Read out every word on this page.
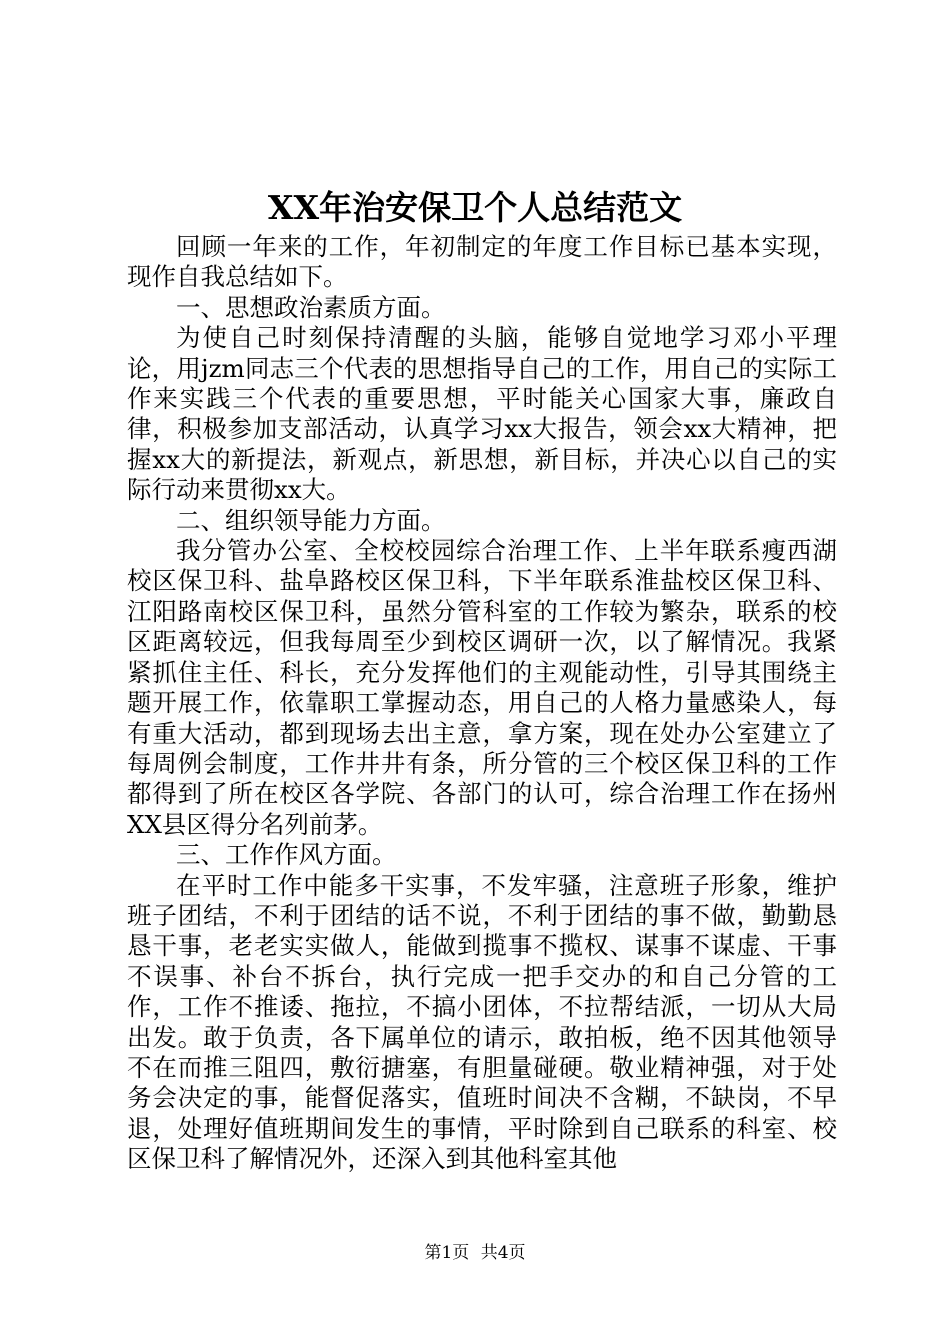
XX年治安保卫个人总结范文

回顾一年来的工作，年初制定的年度工作目标已基本实现，现作自我总结如下。

一、思想政治素质方面。

为使自己时刻保持清醒的头脑，能够自觉地学习邓小平理论，用jzm同志三个代表的思想指导自己的工作，用自己的实际工作来实践三个代表的重要思想，平时能关心国家大事，廉政自律，积极参加支部活动，认真学习xx大报告，领会xx大精神，把握xx大的新提法，新观点，新思想，新目标，并决心以自己的实际行动来贯彻xx大。

二、组织领导能力方面。

我分管办公室、全校校园综合治理工作、上半年联系瘦西湖校区保卫科、盐阜路校区保卫科，下半年联系淮盐校区保卫科、江阳路南校区保卫科，虽然分管科室的工作较为繁杂，联系的校区距离较远，但我每周至少到校区调研一次，以了解情况。我紧紧抓住主任、科长，充分发挥他们的主观能动性，引导其围绕主题开展工作，依靠职工掌握动态，用自己的人格力量感染人，每有重大活动，都到现场去出主意，拿方案，现在处办公室建立了每周例会制度，工作井井有条，所分管的三个校区保卫科的工作都得到了所在校区各学院、各部门的认可，综合治理工作在扬州XX县区得分名列前茅。

三、工作作风方面。

在平时工作中能多干实事，不发牢骚，注意班子形象，维护班子团结，不利于团结的话不说，不利于团结的事不做，勤勤恳恳干事，老老实实做人，能做到揽事不揽权、谋事不谋虚、干事不误事、补台不拆台，执行完成一把手交办的和自己分管的工作，工作不推诿、拖拉，不搞小团体，不拉帮结派，一切从大局出发。敢于负责，各下属单位的请示，敢拍板，绝不因其他领导不在而推三阻四，敷衍搪塞，有胆量碰硬。敬业精神强，对于处务会决定的事，能督促落实，值班时间决不含糊，不缺岗，不早退，处理好值班期间发生的事情，平时除到自己联系的科室、校区保卫科了解情况外，还深入到其他科室其他

第1页 共4页
